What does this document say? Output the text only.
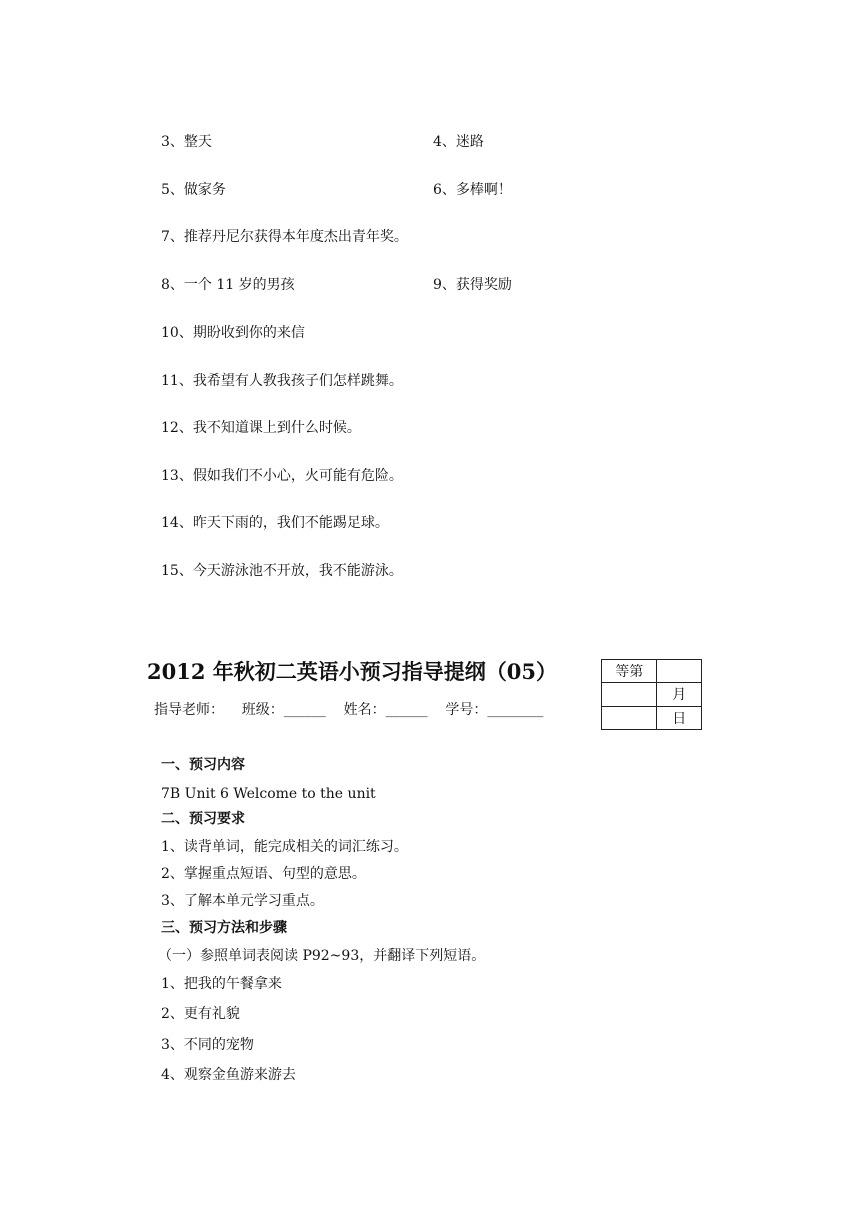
3、整天	4、迷路
5、做家务	6、多棒啊！
7、推荐丹尼尔获得本年度杰出青年奖。
8、一个 11 岁的男孩	9、获得奖励
10、期盼收到你的来信
11、我希望有人教我孩子们怎样跳舞。
12、我不知道课上到什么时候。
13、假如我们不小心，火可能有危险。
14、昨天下雨的，我们不能踢足球。
15、今天游泳池不开放，我不能游泳。
2012 年秋初二英语小预习指导提纲（05）
指导老师：    班级：______    姓名：______    学号：________
等第	
	月
	日
一、预习内容
7B Unit 6 Welcome to the unit
二、预习要求
1、读背单词，能完成相关的词汇练习。
2、掌握重点短语、句型的意思。
3、了解本单元学习重点。
三、预习方法和步骤
（一）参照单词表阅读 P92~93，并翻译下列短语。
1、把我的午餐拿来
2、更有礼貌
3、不同的宠物
4、观察金鱼游来游去
